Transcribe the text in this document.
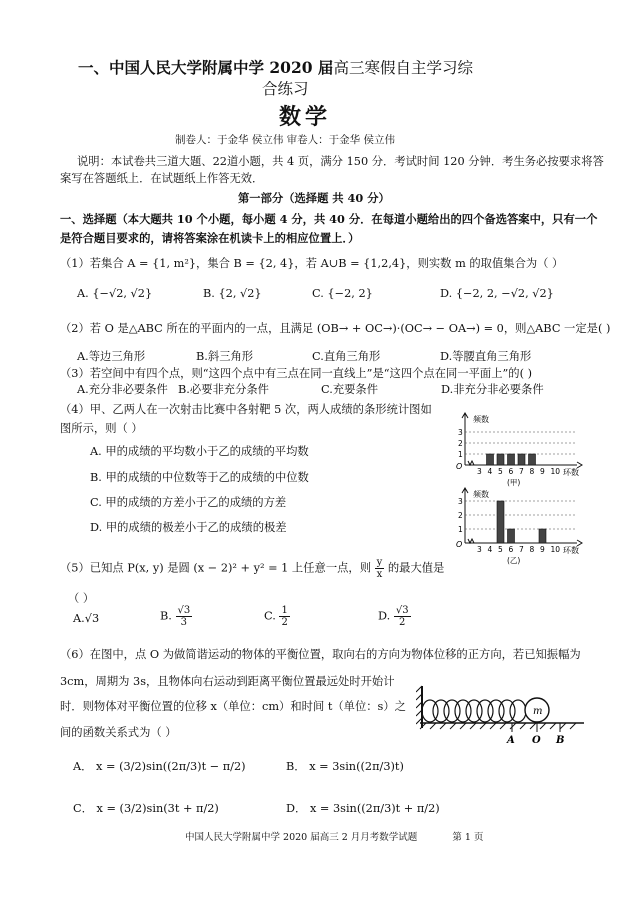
一、中国人民大学附属中学 2020 届高三寒假自主学习综
合练习
数学
制卷人：于金华 侯立伟 审卷人：于金华 侯立伟
说明：本试卷共三道大题、22道小题，共 4 页，满分 150 分．考试时间 120 分钟．考生务必按要求将答
案写在答题纸上．在试题纸上作答无效．
第一部分（选择题 共 40 分）
一、选择题（本大题共 10 个小题，每小题 4 分，共 40 分．在每道小题给出的四个备选答案中，只有一个
是符合题目要求的，请将答案涂在机读卡上的相应位置上．）
（1）若集合 A = {1, m²}，集合 B = {2, 4}，若 A∪B = {1,2,4}，则实数 m 的取值集合为（ ）
A. {−√2, √2}	B. {2, √2}	C. {−2, 2}	D. {−2, 2, −√2, √2}
（2）若 O 是△ABC 所在的平面内的一点，且满足 (OB→ + OC→)·(OC→ − OA→) = 0，则△ABC 一定是( )
A.等边三角形	B.斜三角形	C.直角三角形	D.等腰直角三角形
（3）若空间中有四个点，则“这四个点中有三点在同一直线上”是“这四个点在同一平面上”的( )
A.充分非必要条件 B.必要非充分条件	C.充要条件	D.非充分非必要条件
（4）甲、乙两人在一次射击比赛中各射靶 5 次，两人成绩的条形统计图如
图所示，则（ ）
A. 甲的成绩的平均数小于乙的成绩的平均数
B. 甲的成绩的中位数等于乙的成绩的中位数
C. 甲的成绩的方差小于乙的成绩的方差
D. 甲的成绩的极差小于乙的成绩的极差
频数
环数
O
1
2
3
3 4 5 6 7 8 9 10
(甲)
频数
环数
O
1
2
3
3 4 5 6 7 8 9 10
(乙)
（5）已知点 P(x, y) 是圆 (x − 2)² + y² = 1 上任意一点，则 $\frac{y}{x}$ 的最大值是
（ ）
A.√3	B. $\frac{√3}{3}$	C. $\frac{1}{2}$	D. $\frac{√3}{2}$
（6）在图中，点 O 为做简谐运动的物体的平衡位置，取向右的方向为物体位移的正方向，若已知振幅为
3cm，周期为 3s，且物体向右运动到距离平衡位置最远处时开始计
时．则物体对平衡位置的位移 x（单位：cm）和时间 t（单位：s）之
间的函数关系式为（ ）
m
A O B
A． x = (3/2)sin((2π/3)t − π/2)	B． x = 3sin((2π/3)t)
C． x = (3/2)sin(3t + π/2)	D． x = 3sin((2π/3)t + π/2)
中国人民大学附属中学 2020 届高三 2 月月考数学试题	第 1 页
